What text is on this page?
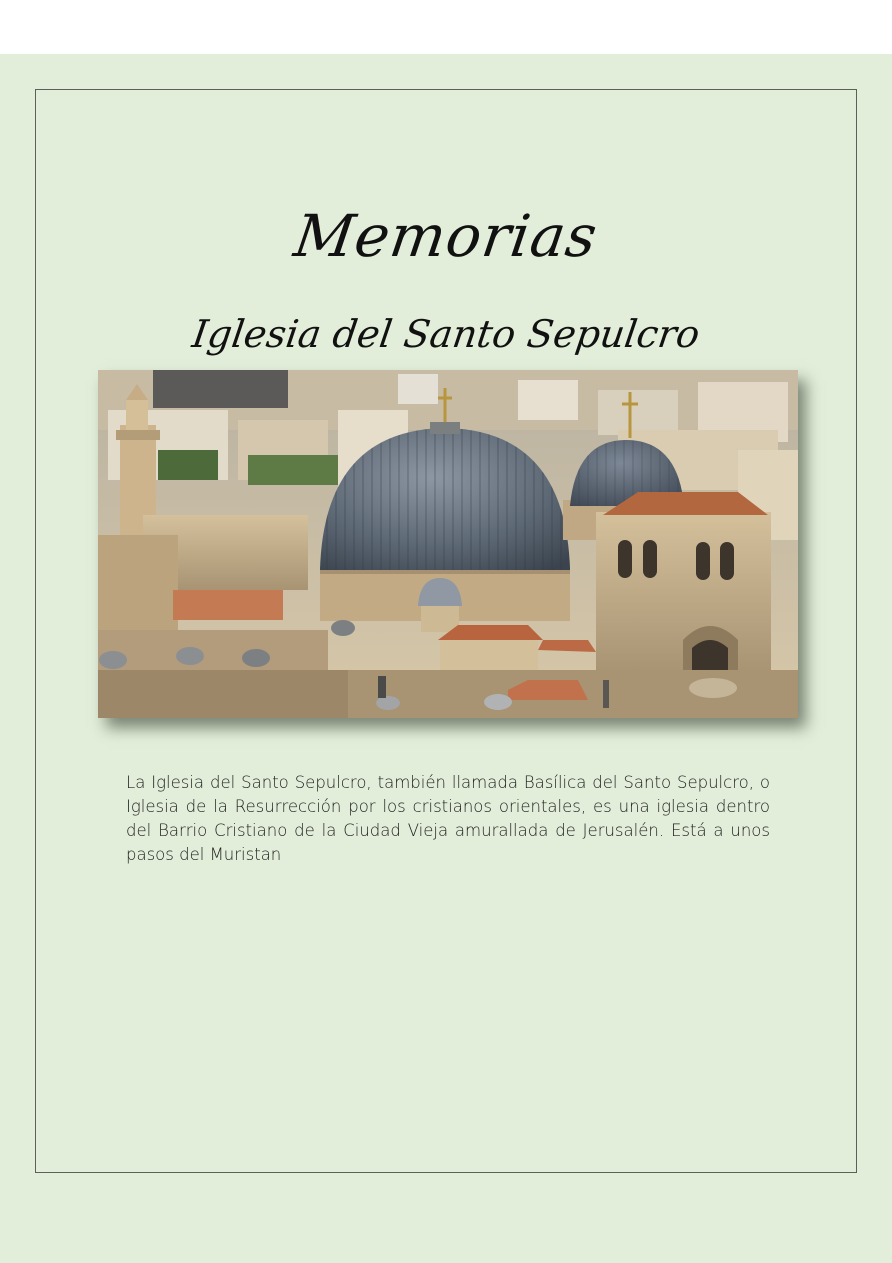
Memorias
Iglesia del Santo Sepulcro

La Iglesia del Santo Sepulcro, también llamada Basílica del Santo Sepulcro, o Iglesia de la Resurrección por los cristianos orientales, es una iglesia dentro del Barrio Cristiano de la Ciudad Vieja amurallada de Jerusalén. Está a unos pasos del Muristan
